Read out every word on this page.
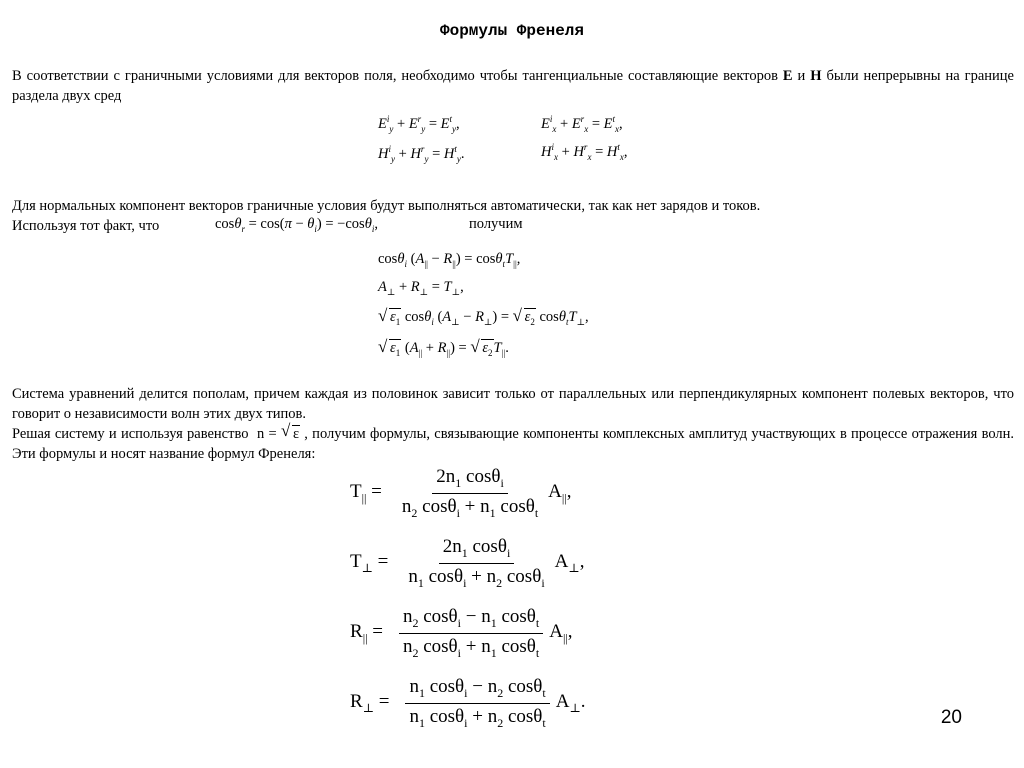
Формулы Френеля
В соответствии с граничными условиями для векторов поля, необходимо чтобы тангенциальные составляющие векторов E и H были непрерывны на границе раздела двух сред
$E^i_y + E^r_y = E^t_y$,	$E^i_x + E^r_x = E^t_x$,
$H^i_y + H^r_y = H^t_y$.	$H^i_x + H^r_x = H^t_x$,
Для нормальных компонент векторов граничные условия будут выполняться автоматически, так как нет зарядов и токов.
Используя тот факт, что	$\cos\theta_r = \cos(\pi - \theta_i) = -\cos\theta_i$,	получим
cosθ$_i$ $(A_{||} - R_{||}) = \cos\theta_tT_{||}$,
$A_\perp + R_\perp = T_\perp$,
√ $\varepsilon_1$ cosθ$_i$ $(A_\perp - R_\perp)$ = √ $\varepsilon_2$ $\cos\theta_tT_\perp$,
√ $\varepsilon_1$ $(A_{||} + R_{||})$ = √ $\varepsilon_2T_{||}$.
Система уравнений делится пополам, причем каждая из половинок зависит только от параллельных или перпендикулярных компонент полевых векторов, что говорит о независимости волн этих двух типов.
Решая систему и используя равенство  n = √ ε , получим формулы, связывающие компоненты комплексных амплитуд участвующих в процессе отражения волн. Эти формулы и носят название формул Френеля:
$T_{||} = \frac{2n_1 \cos\theta_i}{n_2 \cos\theta_i + n_1 \cos\theta_t} A_{||}$,
$T_\perp = \frac{2n_1 \cos\theta_i}{n_1 \cos\theta_i + n_2 \cos\theta_i} A_\perp$,
$R_{||} = \frac{n_2 \cos\theta_i - n_1 \cos\theta_t}{n_2 \cos\theta_i + n_1 \cos\theta_t} A_{||}$,
$R_\perp = \frac{n_1 \cos\theta_i - n_2 \cos\theta_t}{n_1 \cos\theta_i + n_2 \cos\theta_t} A_\perp$.
20
